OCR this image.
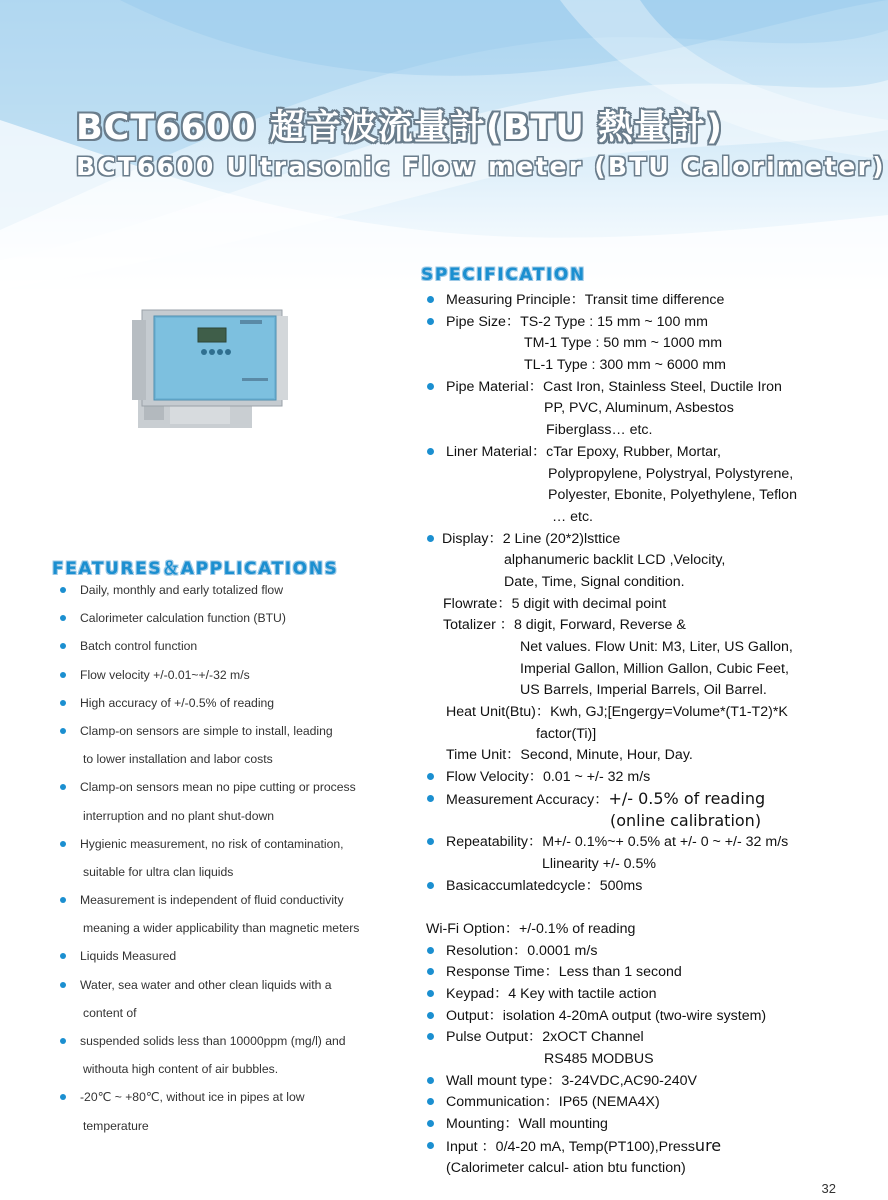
BCT6600 超音波流量計(BTU 熱量計)
BCT6600 Ultrasonic Flow meter (BTU Calorimeter)
SPECIFICATION
Measuring Principle：Transit time difference
Pipe Size：TS-2 Type : 15 mm ~ 100 mm
TM-1 Type : 50 mm ~ 1000 mm
TL-1 Type : 300 mm ~ 6000 mm
Pipe Material：Cast Iron, Stainless Steel, Ductile Iron
PP, PVC, Aluminum, Asbestos
Fiberglass… etc.
Liner Material：cTar Epoxy, Rubber, Mortar,
Polypropylene, Polystryal, Polystyrene,
Polyester, Ebonite, Polyethylene, Teflon
… etc.
Display：2 Line (20*2)lsttice
alphanumeric backlit LCD ,Velocity,
Date, Time, Signal condition.
Flowrate：5 digit with decimal point
Totalizer ：8 digit, Forward, Reverse &
Net values. Flow Unit: M3, Liter, US Gallon,
Imperial Gallon, Million Gallon, Cubic Feet,
US Barrels, Imperial Barrels, Oil Barrel.
Heat Unit(Btu)：Kwh, GJ;[Engergy=Volume*(T1-T2)*K
factor(Ti)]
Time Unit：Second, Minute, Hour, Day.
Flow Velocity：0.01 ~ +/- 32 m/s
Measurement Accuracy：+/- 0.5% of reading
(online calibration)
Repeatability：M+/- 0.1%~+ 0.5% at +/- 0 ~ +/- 32 m/s
Llinearity +/- 0.5%
Basicaccumlatedcycle：500ms
Wi-Fi Option：+/-0.1% of reading
Resolution：0.0001 m/s
Response Time：Less than 1 second
Keypad：4 Key with tactile action
Output：isolation 4-20mA output (two-wire system)
Pulse Output：2xOCT Channel
RS485 MODBUS
Wall mount type：3-24VDC,AC90-240V
Communication：IP65 (NEMA4X)
Mounting：Wall mounting
Input ：0/4-20 mA, Temp(PT100),Pressure
(Calorimeter calcul- ation btu function)
FEATURES＆APPLICATIONS
Daily, monthly and early totalized flow
Calorimeter calculation function (BTU)
Batch control function
Flow velocity +/-0.01~+/-32 m/s
High accuracy of +/-0.5% of reading
Clamp-on sensors are simple to install, leading
to lower installation and labor costs
Clamp-on sensors mean no pipe cutting or process
interruption and no plant shut-down
Hygienic measurement, no risk of contamination,
suitable for ultra clan liquids
Measurement is independent of fluid conductivity
meaning a wider applicability than magnetic meters
Liquids Measured
Water, sea water and other clean liquids with a
content of
suspended solids less than 10000ppm (mg/l) and
withouta high content of air bubbles.
-20℃ ~ +80℃, without ice in pipes at low
temperature
32
